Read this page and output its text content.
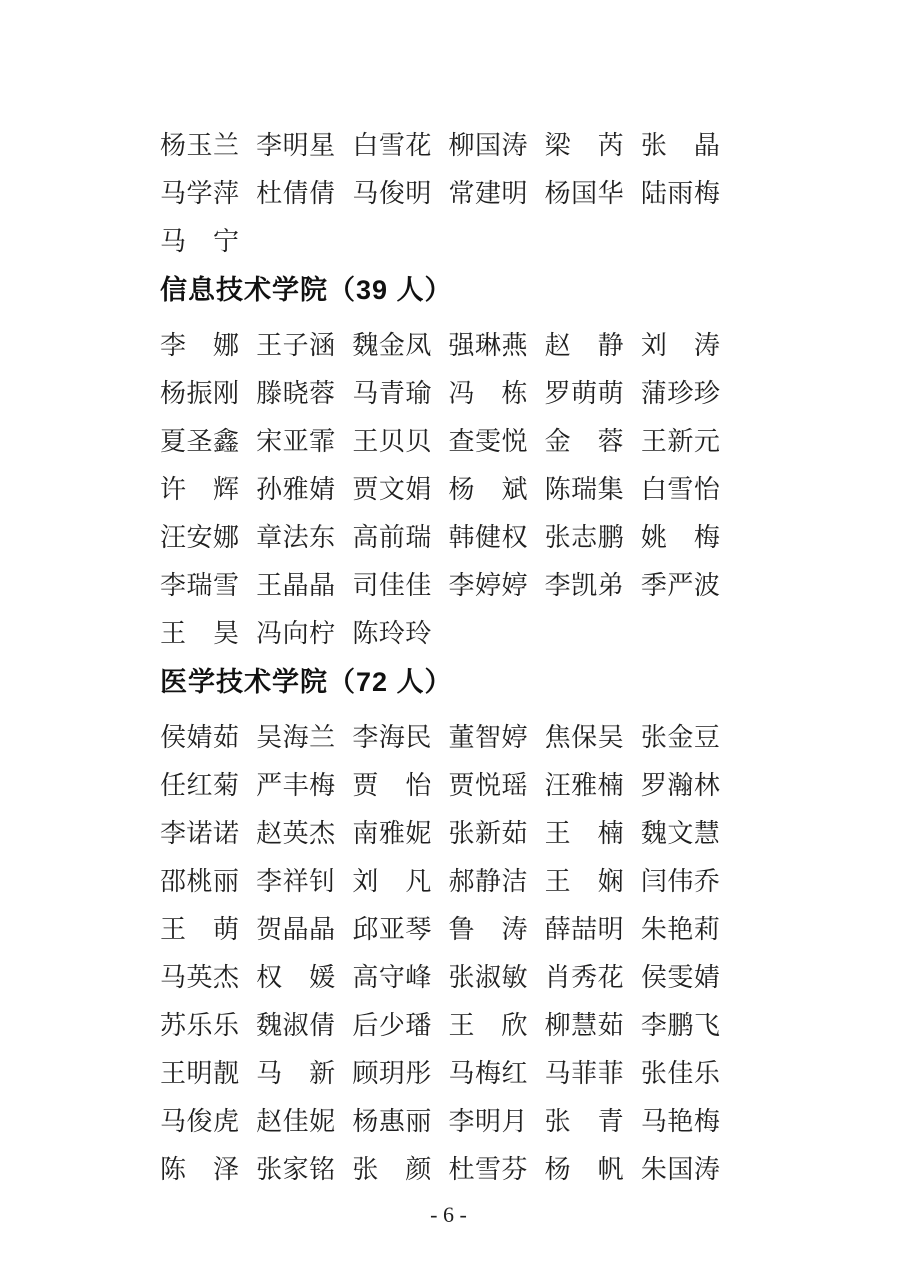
杨玉兰 李明星 白雪花 柳国涛 梁　芮 张　晶
马学萍 杜倩倩 马俊明 常建明 杨国华 陆雨梅
马　宁
信息技术学院（39 人）
李　娜 王子涵 魏金凤 强琳燕 赵　静 刘　涛
杨振刚 滕晓蓉 马青瑜 冯　栋 罗萌萌 蒲珍珍
夏圣鑫 宋亚霏 王贝贝 查雯悦 金　蓉 王新元
许　辉 孙雅婧 贾文娟 杨　斌 陈瑞集 白雪怡
汪安娜 章法东 高前瑞 韩健权 张志鹏 姚　梅
李瑞雪 王晶晶 司佳佳 李婷婷 李凯弟 季严波
王　昊 冯向柠 陈玲玲
医学技术学院（72 人）
侯婧茹 吴海兰 李海民 董智婷 焦保吴 张金豆
任红菊 严丰梅 贾　怡 贾悦瑶 汪雅楠 罗瀚林
李诺诺 赵英杰 南雅妮 张新茹 王　楠 魏文慧
邵桃丽 李祥钊 刘　凡 郝静洁 王　娴 闫伟乔
王　萌 贺晶晶 邱亚琴 鲁　涛 薛喆明 朱艳莉
马英杰 权　媛 高守峰 张淑敏 肖秀花 侯雯婧
苏乐乐 魏淑倩 后少璠 王　欣 柳慧茹 李鹏飞
王明靓 马　新 顾玥彤 马梅红 马菲菲 张佳乐
马俊虎 赵佳妮 杨惠丽 李明月 张　青 马艳梅
陈　泽 张家铭 张　颜 杜雪芬 杨　帆 朱国涛
- 6 -
